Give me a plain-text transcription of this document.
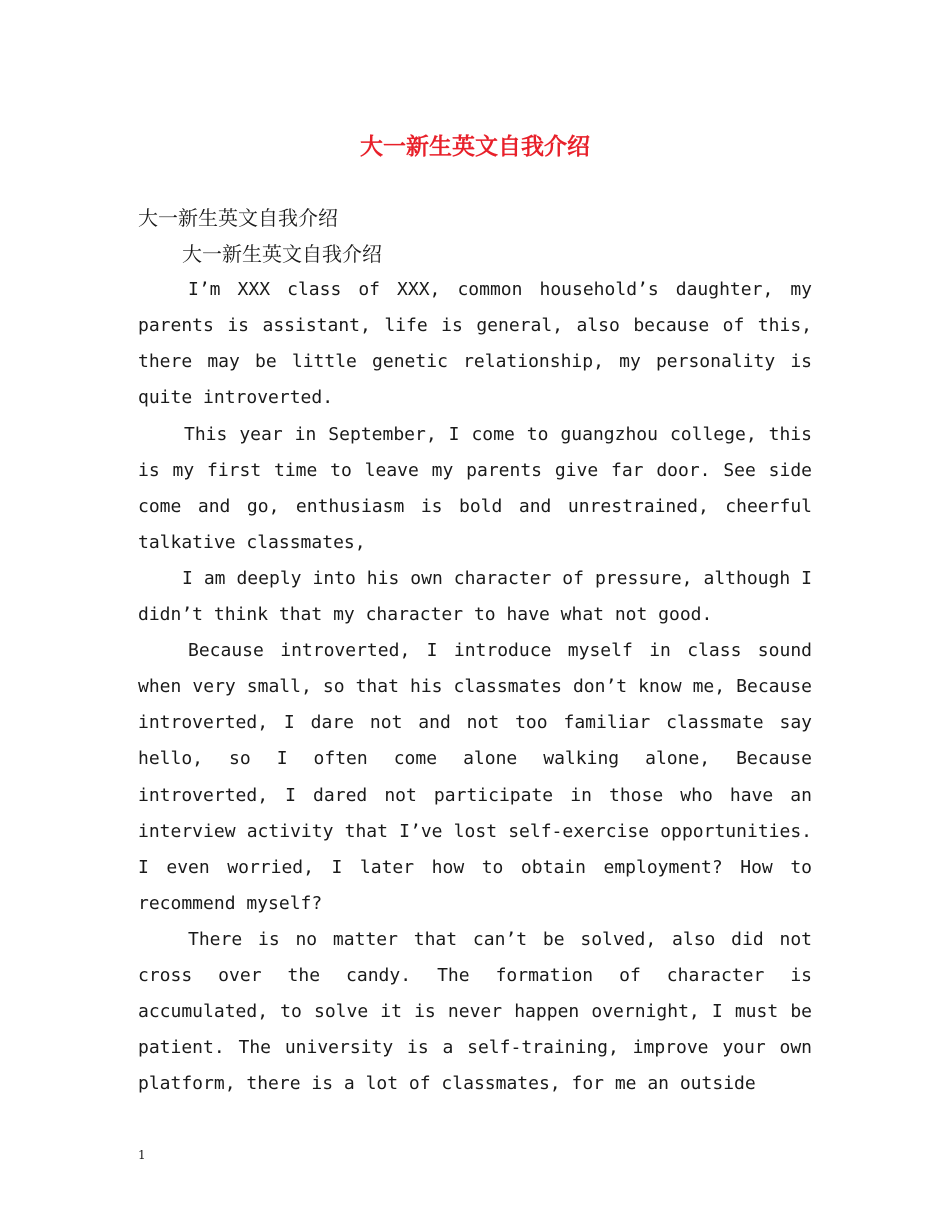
大一新生英文自我介绍

大一新生英文自我介绍

大一新生英文自我介绍

I’m XXX class of XXX, common household’s daughter, my parents is assistant, life is general, also because of this, there may be little genetic relationship, my personality is quite introverted.

This year in September, I come to guangzhou college, this is my first time to leave my parents give far door. See side come and go, enthusiasm is bold and unrestrained, cheerful talkative classmates,

I am deeply into his own character of pressure, although I didn’t think that my character to have what not good.

Because introverted, I introduce myself in class sound when very small, so that his classmates don’t know me, Because introverted, I dare not and not too familiar classmate say hello, so I often come alone walking alone, Because introverted, I dared not participate in those who have an interview activity that I’ve lost self-exercise opportunities. I even worried, I later how to obtain employment? How to recommend myself?

There is no matter that can’t be solved, also did not cross over the candy. The formation of character is accumulated, to solve it is never happen overnight, I must be patient. The university is a self-training, improve your own platform, there is a lot of classmates, for me an outside

1
